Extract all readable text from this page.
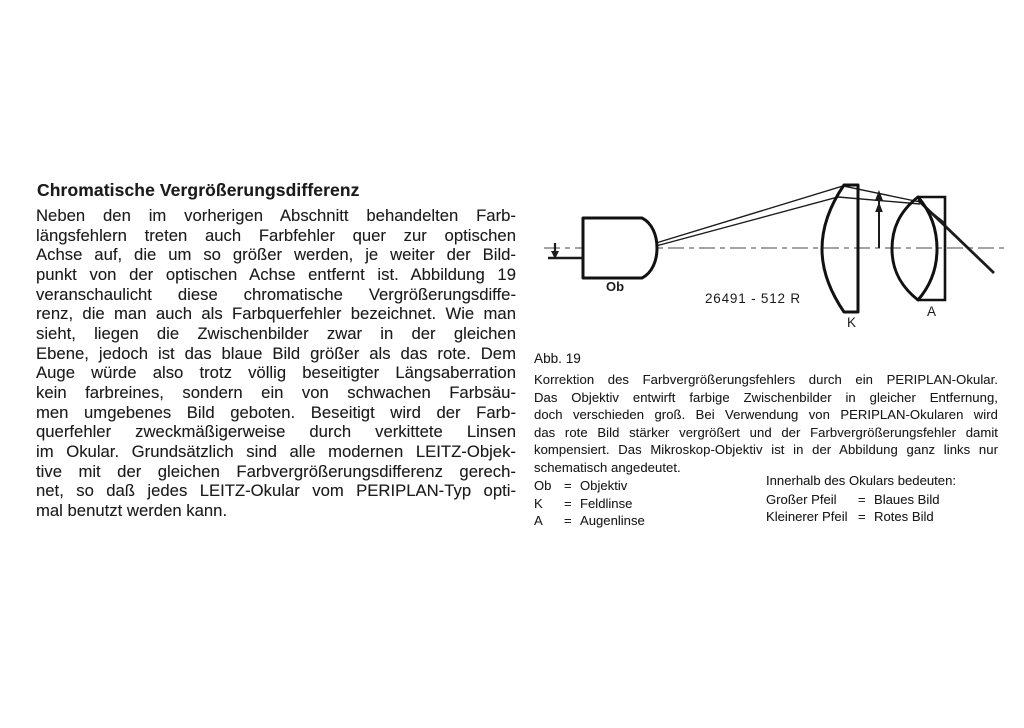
Chromatische Vergrößerungsdifferenz
Neben den im vorherigen Abschnitt behandelten Farb-
längsfehlern treten auch Farbfehler quer zur optischen
Achse auf, die um so größer werden, je weiter der Bild-
punkt von der optischen Achse entfernt ist. Abbildung 19
veranschaulicht diese chromatische Vergrößerungsdiffe-
renz, die man auch als Farbquerfehler bezeichnet. Wie man
sieht, liegen die Zwischenbilder zwar in der gleichen
Ebene, jedoch ist das blaue Bild größer als das rote. Dem
Auge würde also trotz völlig beseitigter Längsaberration
kein farbreines, sondern ein von schwachen Farbsäu-
men umgebenes Bild geboten. Beseitigt wird der Farb-
querfehler zweckmäßigerweise durch verkittete Linsen
im Okular. Grundsätzlich sind alle modernen LEITZ-Objek-
tive mit der gleichen Farbvergrößerungsdifferenz gerech-
net, so daß jedes LEITZ-Okular vom PERIPLAN-Typ opti-
mal benutzt werden kann.
Ob
26491 - 512 R
K
A
Abb. 19
Korrektion des Farbvergrößerungsfehlers durch ein PERIPLAN-Okular.
Das Objektiv entwirft farbige Zwischenbilder in gleicher Entfernung,
doch verschieden groß. Bei Verwendung von PERIPLAN-Okularen wird
das rote Bild stärker vergrößert und der Farbvergrößerungsfehler damit
kompensiert. Das Mikroskop-Objektiv ist in der Abbildung ganz links nur
schematisch angedeutet.
Ob = Objektiv
K	= Feldlinse
A	= Augenlinse
Innerhalb des Okulars bedeuten:
Großer Pfeil	= Blaues Bild
Kleinerer Pfeil = Rotes Bild
